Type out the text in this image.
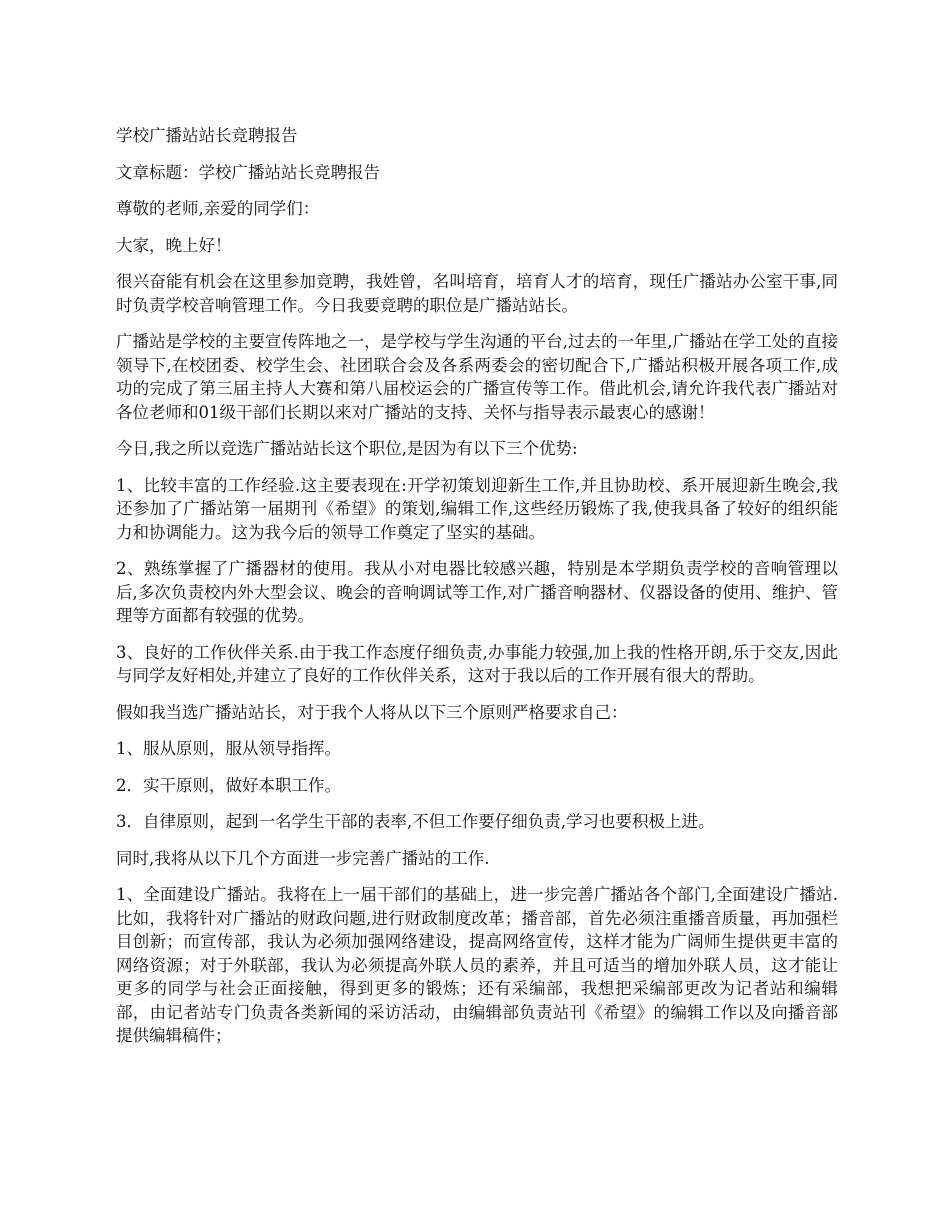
学校广播站站长竞聘报告

文章标题：学校广播站站长竞聘报告

尊敬的老师,亲爱的同学们：

大家，晚上好！

很兴奋能有机会在这里参加竞聘，我姓曾，名叫培育，培育人才的培育，现任广播站办公室干事,同时负责学校音响管理工作。今日我要竞聘的职位是广播站站长。

广播站是学校的主要宣传阵地之一，是学校与学生沟通的平台,过去的一年里,广播站在学工处的直接领导下,在校团委、校学生会、社团联合会及各系两委会的密切配合下,广播站积极开展各项工作,成功的完成了第三届主持人大赛和第八届校运会的广播宣传等工作。借此机会,请允许我代表广播站对各位老师和01级干部们长期以来对广播站的支持、关怀与指导表示最衷心的感谢！

今日,我之所以竞选广播站站长这个职位,是因为有以下三个优势:

1、比较丰富的工作经验.这主要表现在:开学初策划迎新生工作,并且协助校、系开展迎新生晚会,我还参加了广播站第一届期刊《希望》的策划,编辑工作,这些经历锻炼了我,使我具备了较好的组织能力和协调能力。这为我今后的领导工作奠定了坚实的基础。

2、熟练掌握了广播器材的使用。我从小对电器比较感兴趣，特别是本学期负责学校的音响管理以后,多次负责校内外大型会议、晚会的音响调试等工作,对广播音响器材、仪器设备的使用、维护、管理等方面都有较强的优势。

3、良好的工作伙伴关系.由于我工作态度仔细负责,办事能力较强,加上我的性格开朗,乐于交友,因此与同学友好相处,并建立了良好的工作伙伴关系，这对于我以后的工作开展有很大的帮助。

假如我当选广播站站长，对于我个人将从以下三个原则严格要求自己：

1、服从原则，服从领导指挥。

2．实干原则，做好本职工作。

3．自律原则，起到一名学生干部的表率,不但工作要仔细负责,学习也要积极上进。

同时,我将从以下几个方面进一步完善广播站的工作.

1、全面建设广播站。我将在上一届干部们的基础上，进一步完善广播站各个部门,全面建设广播站.比如，我将针对广播站的财政问题,进行财政制度改革；播音部，首先必须注重播音质量，再加强栏目创新；而宣传部，我认为必须加强网络建设，提高网络宣传，这样才能为广阔师生提供更丰富的网络资源；对于外联部，我认为必须提高外联人员的素养，并且可适当的增加外联人员，这才能让更多的同学与社会正面接触，得到更多的锻炼；还有采编部，我想把采编部更改为记者站和编辑部，由记者站专门负责各类新闻的采访活动，由编辑部负责站刊《希望》的编辑工作以及向播音部提供编辑稿件；
